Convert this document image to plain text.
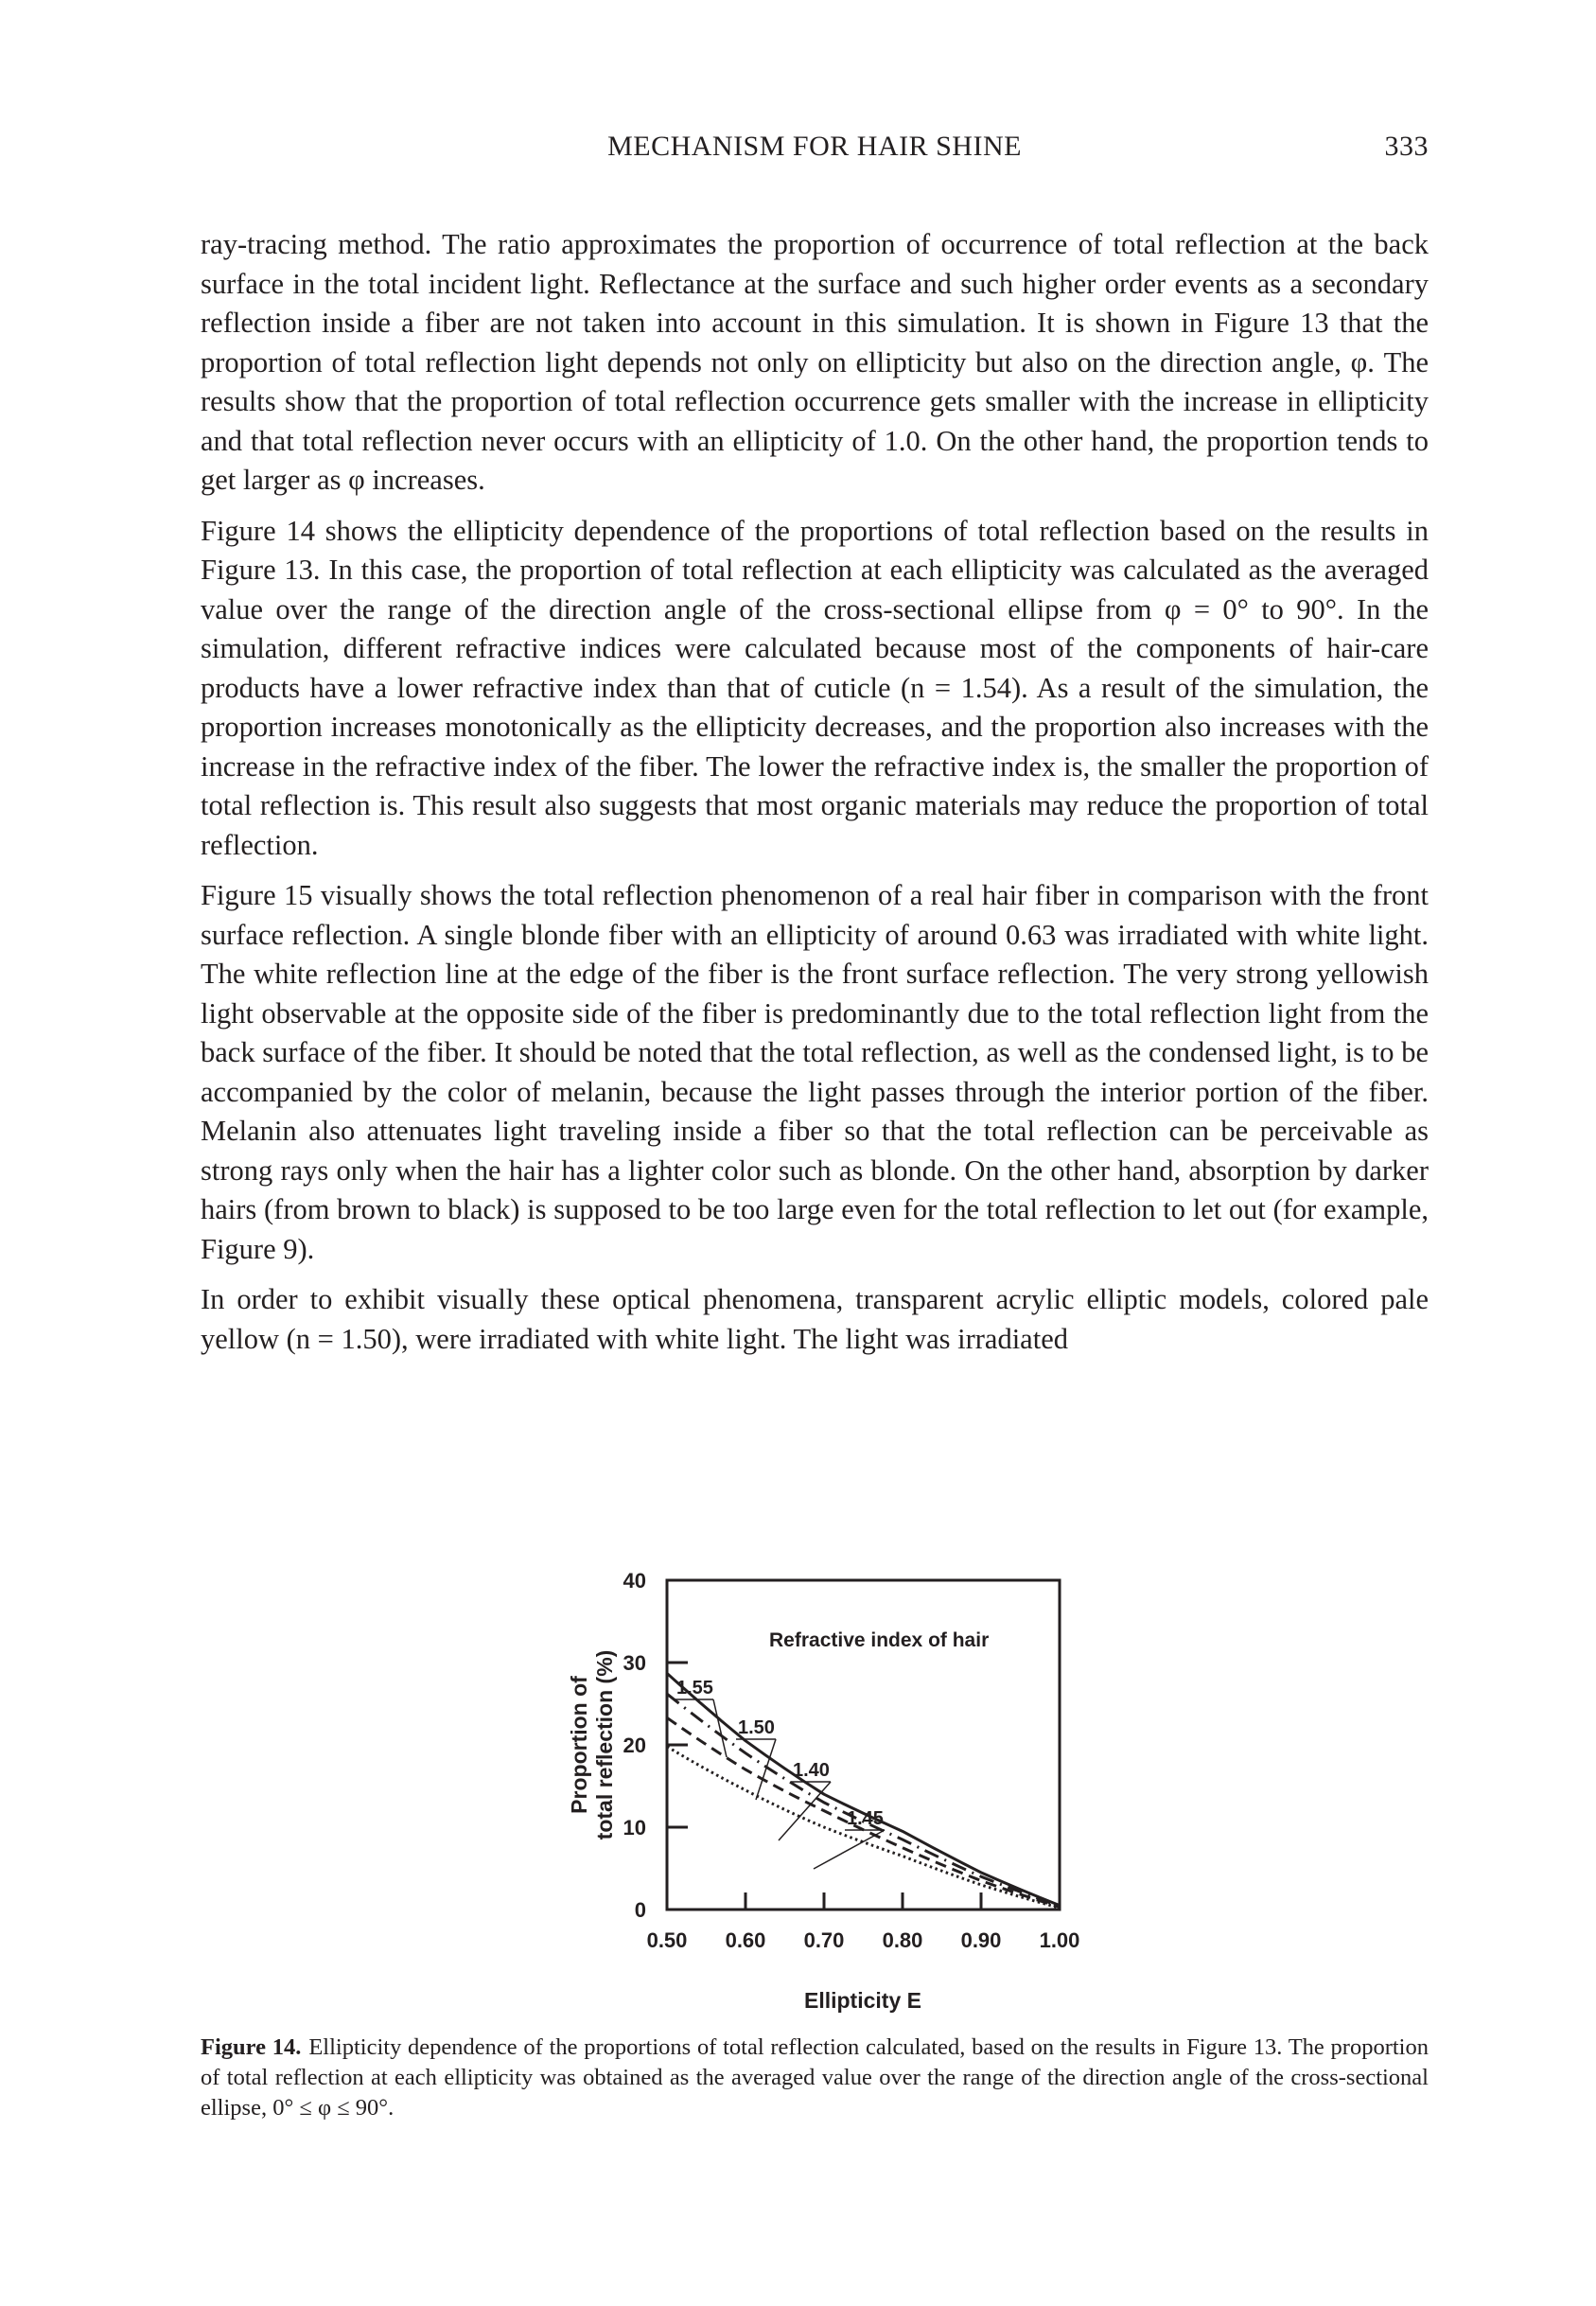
MECHANISM FOR HAIR SHINE	333

ray-tracing method. The ratio approximates the proportion of occurrence of total reflection at the back surface in the total incident light. Reflectance at the surface and such higher order events as a secondary reflection inside a fiber are not taken into account in this simulation. It is shown in Figure 13 that the proportion of total reflection light depends not only on ellipticity but also on the direction angle, φ. The results show that the proportion of total reflection occurrence gets smaller with the increase in ellipticity and that total reflection never occurs with an ellipticity of 1.0. On the other hand, the proportion tends to get larger as φ increases.

Figure 14 shows the ellipticity dependence of the proportions of total reflection based on the results in Figure 13. In this case, the proportion of total reflection at each ellipticity was calculated as the averaged value over the range of the direction angle of the cross-sectional ellipse from φ = 0° to 90°. In the simulation, different refractive indices were calculated because most of the components of hair-care products have a lower refractive index than that of cuticle (n = 1.54). As a result of the simulation, the proportion increases monotonically as the ellipticity decreases, and the proportion also increases with the increase in the refractive index of the fiber. The lower the refractive index is, the smaller the proportion of total reflection is. This result also suggests that most organic materials may reduce the proportion of total reflection.

Figure 15 visually shows the total reflection phenomenon of a real hair fiber in comparison with the front surface reflection. A single blonde fiber with an ellipticity of around 0.63 was irradiated with white light. The white reflection line at the edge of the fiber is the front surface reflection. The very strong yellowish light observable at the opposite side of the fiber is predominantly due to the total reflection light from the back surface of the fiber. It should be noted that the total reflection, as well as the condensed light, is to be accompanied by the color of melanin, because the light passes through the interior portion of the fiber. Melanin also attenuates light traveling inside a fiber so that the total reflection can be perceivable as strong rays only when the hair has a lighter color such as blonde. On the other hand, absorption by darker hairs (from brown to black) is supposed to be too large even for the total reflection to let out (for example, Figure 9).

In order to exhibit visually these optical phenomena, transparent acrylic elliptic models, colored pale yellow (n = 1.50), were irradiated with white light. The light was irradiated

0
10
20
30
40
0.50 0.60 0.70 0.80 0.90 1.00
1.55
1.50
1.40
1.45
Refractive index of hair
Ellipticity E
Proportion of total reflection (%)
Figure 14. Ellipticity dependence of the proportions of total reflection calculated, based on the results in Figure 13. The proportion of total reflection at each ellipticity was obtained as the averaged value over the range of the direction angle of the cross-sectional ellipse, 0° ≤ φ ≤ 90°.
